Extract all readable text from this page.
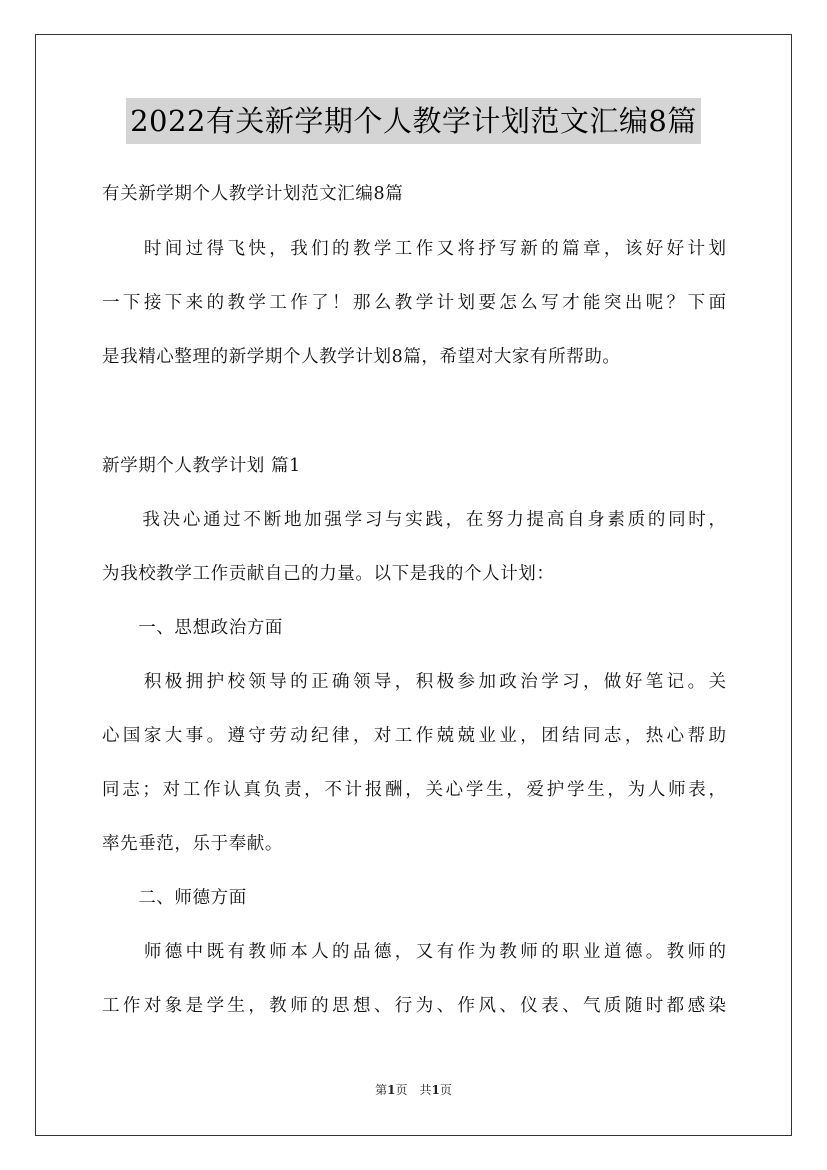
2022有关新学期个人教学计划范文汇编8篇

有关新学期个人教学计划范文汇编8篇

　　时间过得飞快，我们的教学工作又将抒写新的篇章，该好好计划

一下接下来的教学工作了！那么教学计划要怎么写才能突出呢？下面

是我精心整理的新学期个人教学计划8篇，希望对大家有所帮助。

新学期个人教学计划 篇1

　　我决心通过不断地加强学习与实践，在努力提高自身素质的同时，

为我校教学工作贡献自己的力量。以下是我的个人计划：

　　一、思想政治方面

　　积极拥护校领导的正确领导，积极参加政治学习，做好笔记。关

心国家大事。遵守劳动纪律，对工作兢兢业业，团结同志，热心帮助

同志；对工作认真负责，不计报酬，关心学生，爱护学生，为人师表，

率先垂范，乐于奉献。

　　二、师德方面

　　师德中既有教师本人的品德，又有作为教师的职业道德。教师的

工作对象是学生，教师的思想、行为、作风、仪表、气质随时都感染

第1页　共1页
